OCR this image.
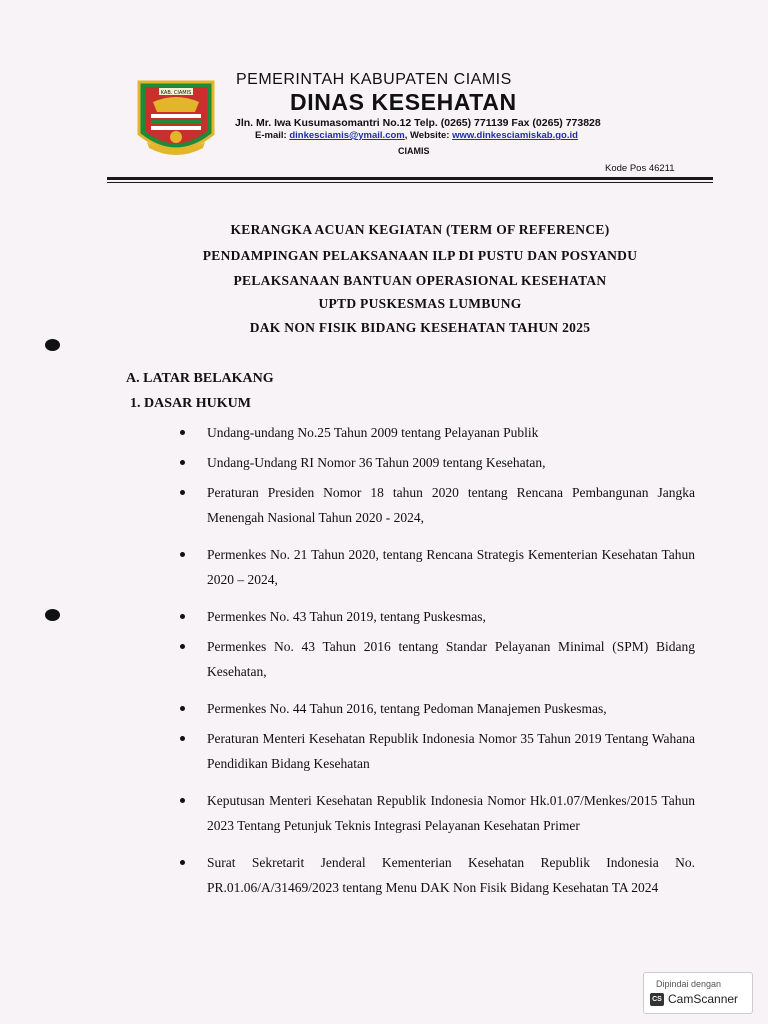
KAB. CIAMIS
PEMERINTAH KABUPATEN CIAMIS
DINAS KESEHATAN
Jln. Mr. Iwa Kusumasomantri No.12 Telp. (0265) 771139 Fax (0265) 773828
E-mail: dinkesciamis@ymail.com, Website: www.dinkesciamiskab.go.id
CIAMIS
Kode Pos 46211
KERANGKA ACUAN KEGIATAN (TERM OF REFERENCE)
PENDAMPINGAN PELAKSANAAN ILP DI PUSTU DAN POSYANDU
PELAKSANAAN BANTUAN OPERASIONAL KESEHATAN
UPTD PUSKESMAS LUMBUNG
DAK NON FISIK BIDANG KESEHATAN TAHUN 2025
A. LATAR BELAKANG
1. DASAR HUKUM
Undang-undang No.25 Tahun 2009 tentang Pelayanan Publik
Undang-Undang RI Nomor 36 Tahun 2009 tentang Kesehatan,
Peraturan Presiden Nomor 18 tahun 2020 tentang Rencana Pembangunan Jangka Menengah Nasional Tahun 2020 - 2024,
Permenkes No. 21 Tahun 2020, tentang Rencana Strategis Kementerian Kesehatan Tahun 2020 – 2024,
Permenkes No. 43 Tahun 2019, tentang Puskesmas,
Permenkes No. 43 Tahun 2016 tentang Standar Pelayanan Minimal (SPM) Bidang Kesehatan,
Permenkes No. 44 Tahun 2016, tentang Pedoman Manajemen Puskesmas,
Peraturan Menteri Kesehatan Republik Indonesia Nomor 35 Tahun 2019 Tentang Wahana Pendidikan Bidang Kesehatan
Keputusan Menteri Kesehatan Republik Indonesia Nomor Hk.01.07/Menkes/2015 Tahun 2023 Tentang Petunjuk Teknis Integrasi Pelayanan Kesehatan Primer
Surat Sekretarit Jenderal Kementerian Kesehatan Republik Indonesia No. PR.01.06/A/31469/2023 tentang Menu DAK Non Fisik Bidang Kesehatan TA 2024
Dipindai dengan
CS CamScanner
